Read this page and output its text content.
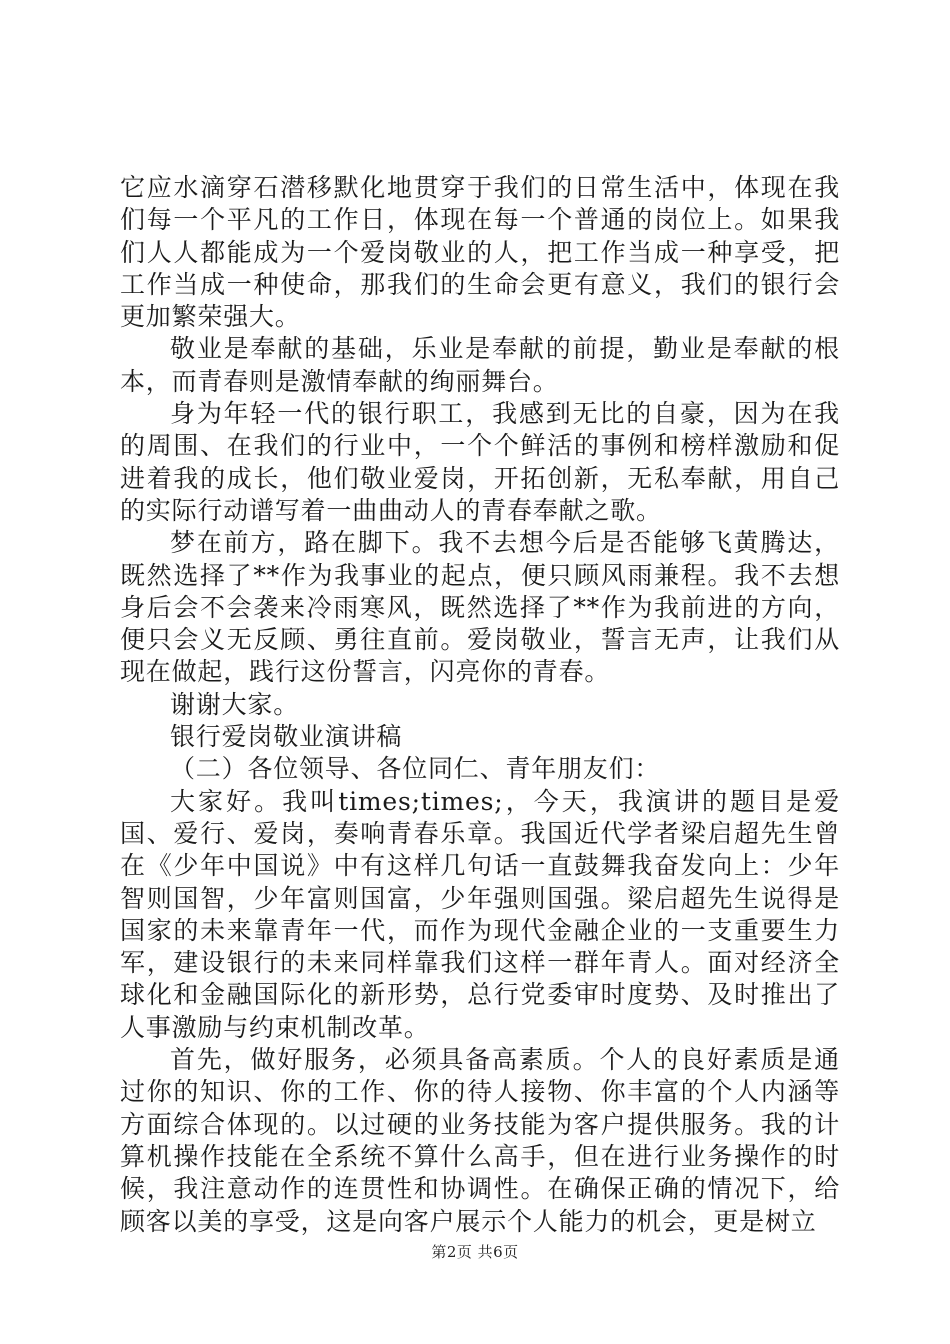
它应水滴穿石潜移默化地贯穿于我们的日常生活中，体现在我们每一个平凡的工作日，体现在每一个普通的岗位上。如果我们人人都能成为一个爱岗敬业的人，把工作当成一种享受，把工作当成一种使命，那我们的生命会更有意义，我们的银行会更加繁荣强大。

敬业是奉献的基础，乐业是奉献的前提，勤业是奉献的根本，而青春则是激情奉献的绚丽舞台。

身为年轻一代的银行职工，我感到无比的自豪，因为在我的周围、在我们的行业中，一个个鲜活的事例和榜样激励和促进着我的成长，他们敬业爱岗，开拓创新，无私奉献，用自己的实际行动谱写着一曲曲动人的青春奉献之歌。

梦在前方，路在脚下。我不去想今后是否能够飞黄腾达，既然选择了**作为我事业的起点，便只顾风雨兼程。我不去想身后会不会袭来冷雨寒风，既然选择了**作为我前进的方向，便只会义无反顾、勇往直前。爱岗敬业，誓言无声，让我们从现在做起，践行这份誓言，闪亮你的青春。

谢谢大家。

银行爱岗敬业演讲稿

（二）各位领导、各位同仁、青年朋友们：

大家好。我叫times;times;，今天，我演讲的题目是爱国、爱行、爱岗，奏响青春乐章。我国近代学者梁启超先生曾在《少年中国说》中有这样几句话一直鼓舞我奋发向上：少年智则国智，少年富则国富，少年强则国强。梁启超先生说得是国家的未来靠青年一代，而作为现代金融企业的一支重要生力军，建设银行的未来同样靠我们这样一群年青人。面对经济全球化和金融国际化的新形势，总行党委审时度势、及时推出了人事激励与约束机制改革。

首先，做好服务，必须具备高素质。个人的良好素质是通过你的知识、你的工作、你的待人接物、你丰富的个人内涵等方面综合体现的。以过硬的业务技能为客户提供服务。我的计算机操作技能在全系统不算什么高手，但在进行业务操作的时候，我注意动作的连贯性和协调性。在确保正确的情况下，给顾客以美的享受，这是向客户展示个人能力的机会，更是树立

第2页 共6页
